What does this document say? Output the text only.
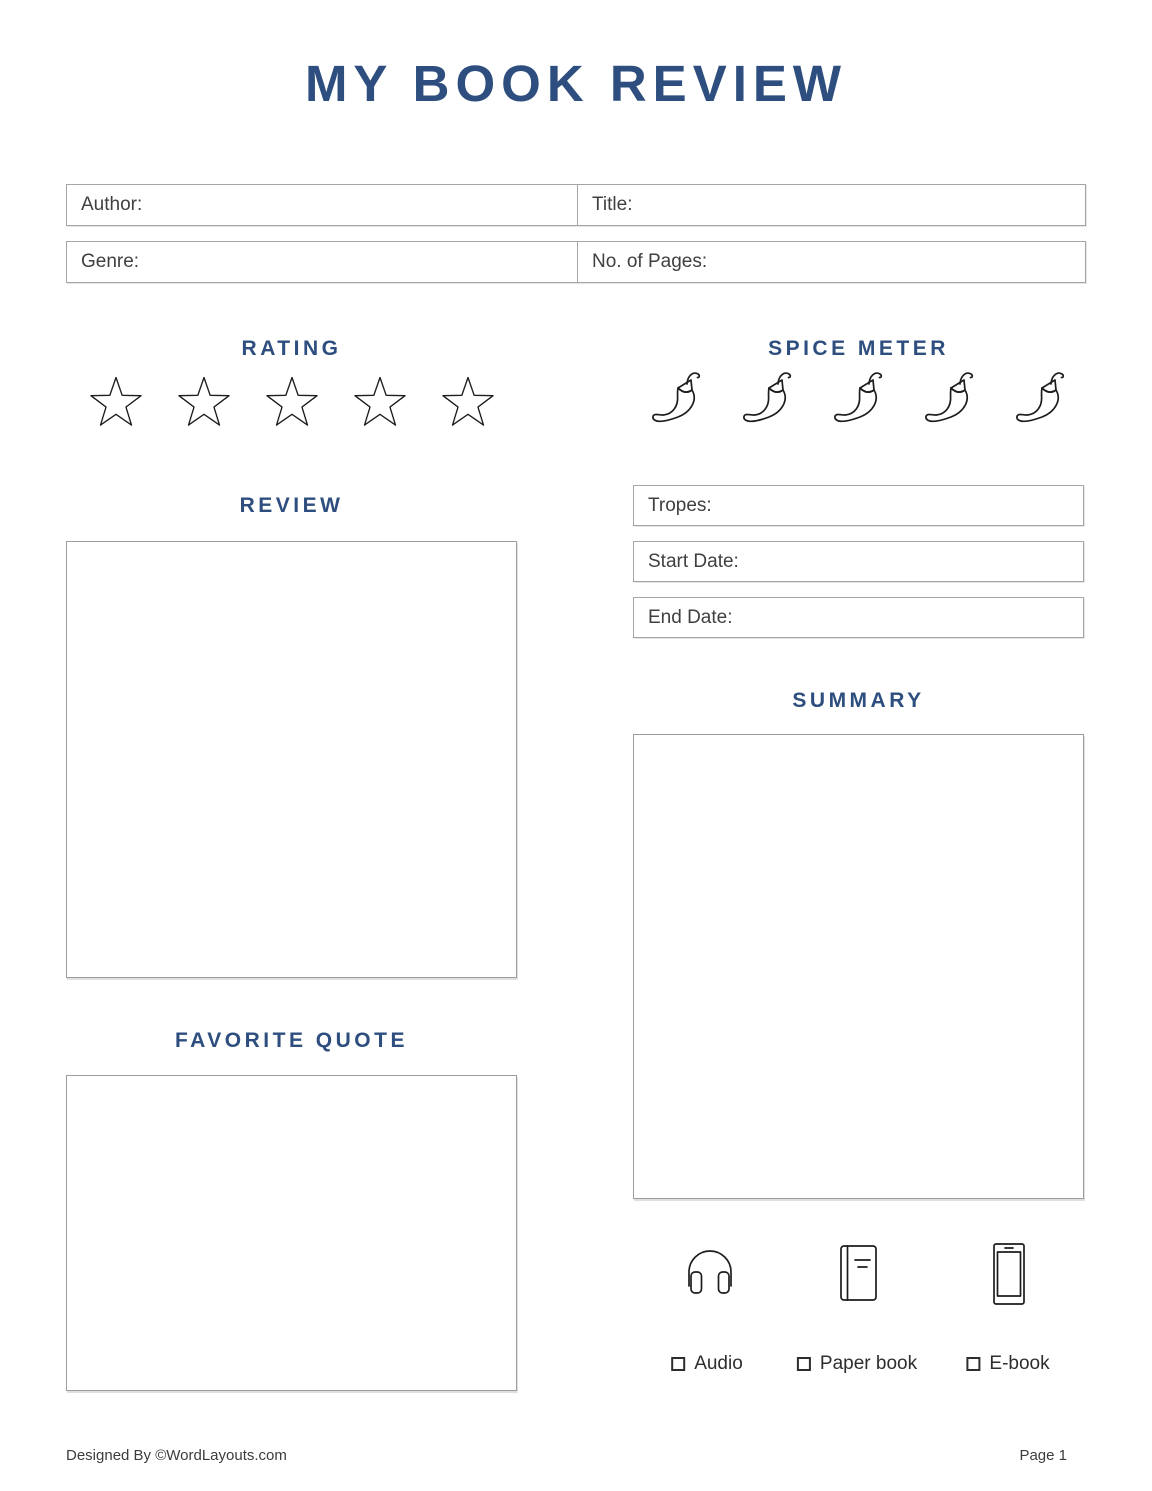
MY BOOK REVIEW
Author:	Title:
Genre:	No. of Pages:
RATING	SPICE METER
REVIEW	Tropes:
Start Date:
End Date:
SUMMARY
FAVORITE QUOTE
Audio	Paper book	E-book
Designed By ©WordLayouts.com	Page 1
